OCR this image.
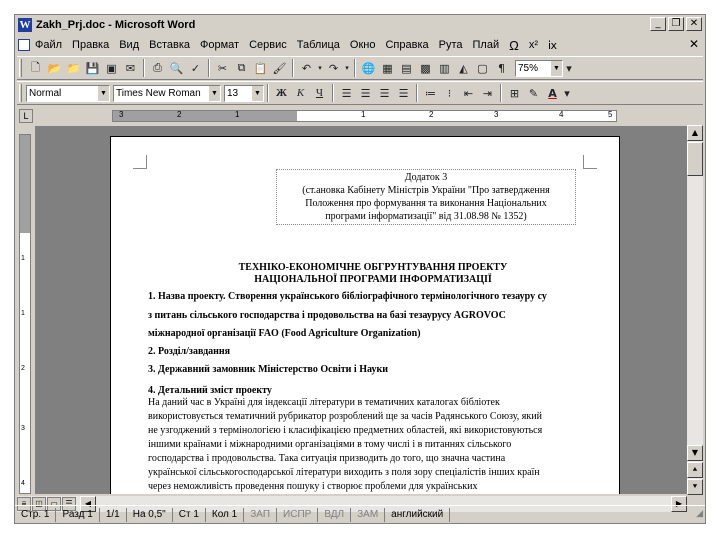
W Zakh_Prj.doc - Microsoft Word	_	❐ ✕
Файл Правка Вид Вставка Формат Сервис Таблица Окно Справка Рута Плай Ω x² ⅸ	✕
🗋 📂 📁 💾 ▣ ✉	⎙ 🔍 ✓	✂ ⧉ 📋 🖌	↶	▾ ↷	▾ 🌐 ▦ ▤ ▩ ▥ ◭ ▢ ¶	75%	▼ ▾
Normal	▼ Times New Roman	▼ 13	▼	Ж К	Ч	☰ ☰ ☰ ☰	≔	⁝	⇤ ⇥	⊞ ✎ A ▾
L	3	2	1	1	2	3	4	5
1
1
2
3
4
Додаток 3
(ст.ановка Кабінету Міністрів України "Про затвердження
Положення про формування та виконання Національних
програми інформатизації" від 31.08.98 № 1352)
ТЕХНІКО-ЕКОНОМІЧНЕ ОБГРУНТУВАННЯ ПРОЕКТУ
НАЦІОНАЛЬНОЇ ПРОГРАМИ ІНФОРМАТИЗАЦІЇ
1. Назва проекту. Створення українського бібліографічного термінологічного тезауру су
з питань сільського господарства і продовольства на базі тезаурусу AGROVOC
міжнародної організації FAO (Food Agriculture Organization)
2. Розділ/завдання
3. Державний замовник Міністерство Освіти і Науки
4. Детальний зміст проекту
На даний час в Україні для індексації літератури в тематичних каталогах бібліотек
використовується тематичний рубрикатор розроблений ще за часів Радянського Союзу, який
не узгоджений з термінологією і класифікацією предметних областей, які використовуються
іншими країнами і міжнародними організаціями в тому числі і в питаннях сільського
господарства і продовольства. Така ситуація призводить до того, що значна частина
української сільськогосподарської літератури виходить з поля зору спеціалістів інших країн
через неможливість проведення пошуку і створює проблеми для українських
▲
▼
⯅
⯆
≡	◫ ▭ ☰	◀	▶
Стр. 1	Разд 1	1/1	На 0,5"	Ст 1	Кол 1	ЗАП	ИСПР	ВДЛ	ЗАМ	английский	◢
